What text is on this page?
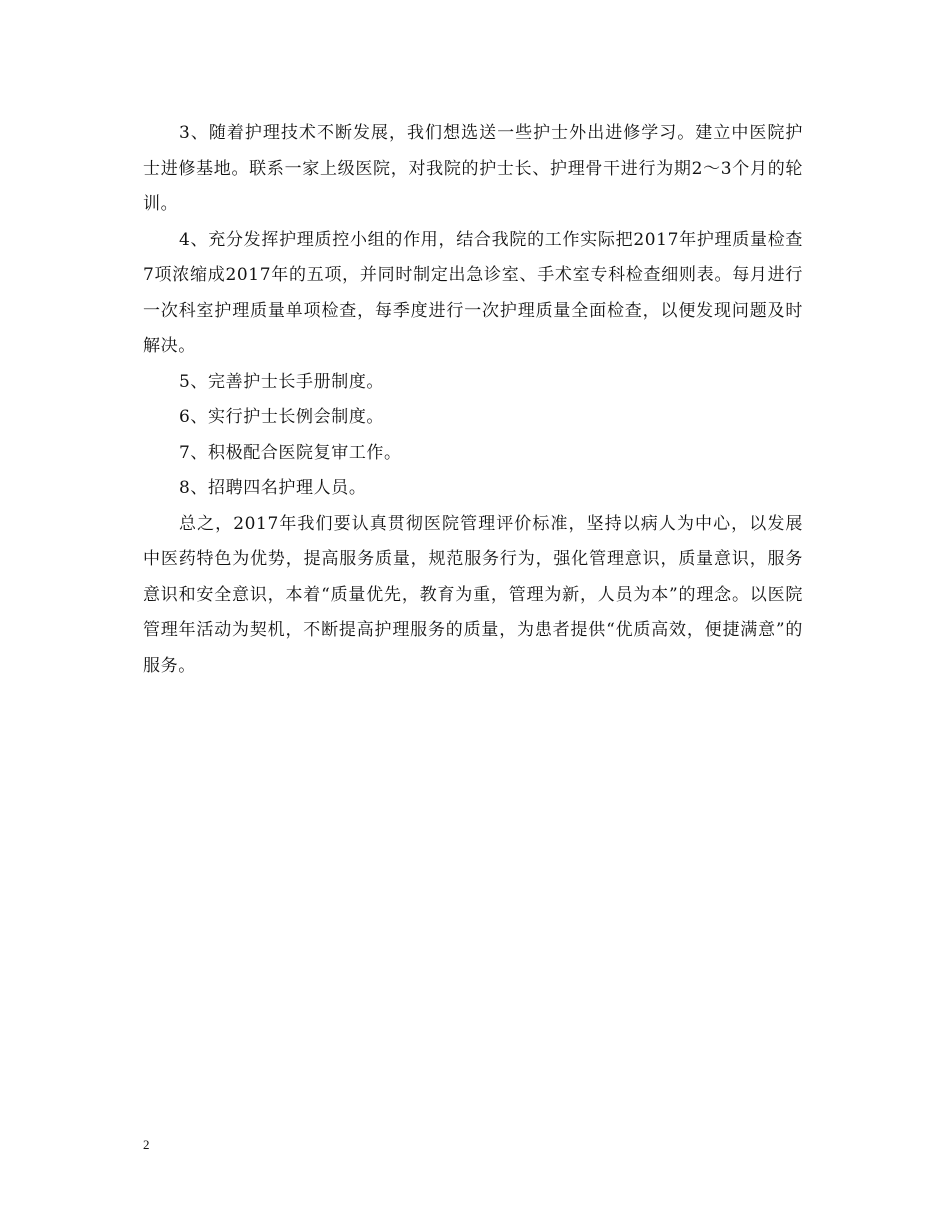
3、随着护理技术不断发展，我们想选送一些护士外出进修学习。建立中医院护士进修基地。联系一家上级医院，对我院的护士长、护理骨干进行为期2～3个月的轮训。

4、充分发挥护理质控小组的作用，结合我院的工作实际把2017年护理质量检查7项浓缩成2017年的五项，并同时制定出急诊室、手术室专科检查细则表。每月进行一次科室护理质量单项检查，每季度进行一次护理质量全面检查，以便发现问题及时解决。

5、完善护士长手册制度。

6、实行护士长例会制度。

7、积极配合医院复审工作。

8、招聘四名护理人员。

总之，2017年我们要认真贯彻医院管理评价标准，坚持以病人为中心，以发展中医药特色为优势，提高服务质量，规范服务行为，强化管理意识，质量意识，服务意识和安全意识，本着“质量优先，教育为重，管理为新，人员为本”的理念。以医院管理年活动为契机，不断提高护理服务的质量，为患者提供“优质高效，便捷满意”的服务。

2
